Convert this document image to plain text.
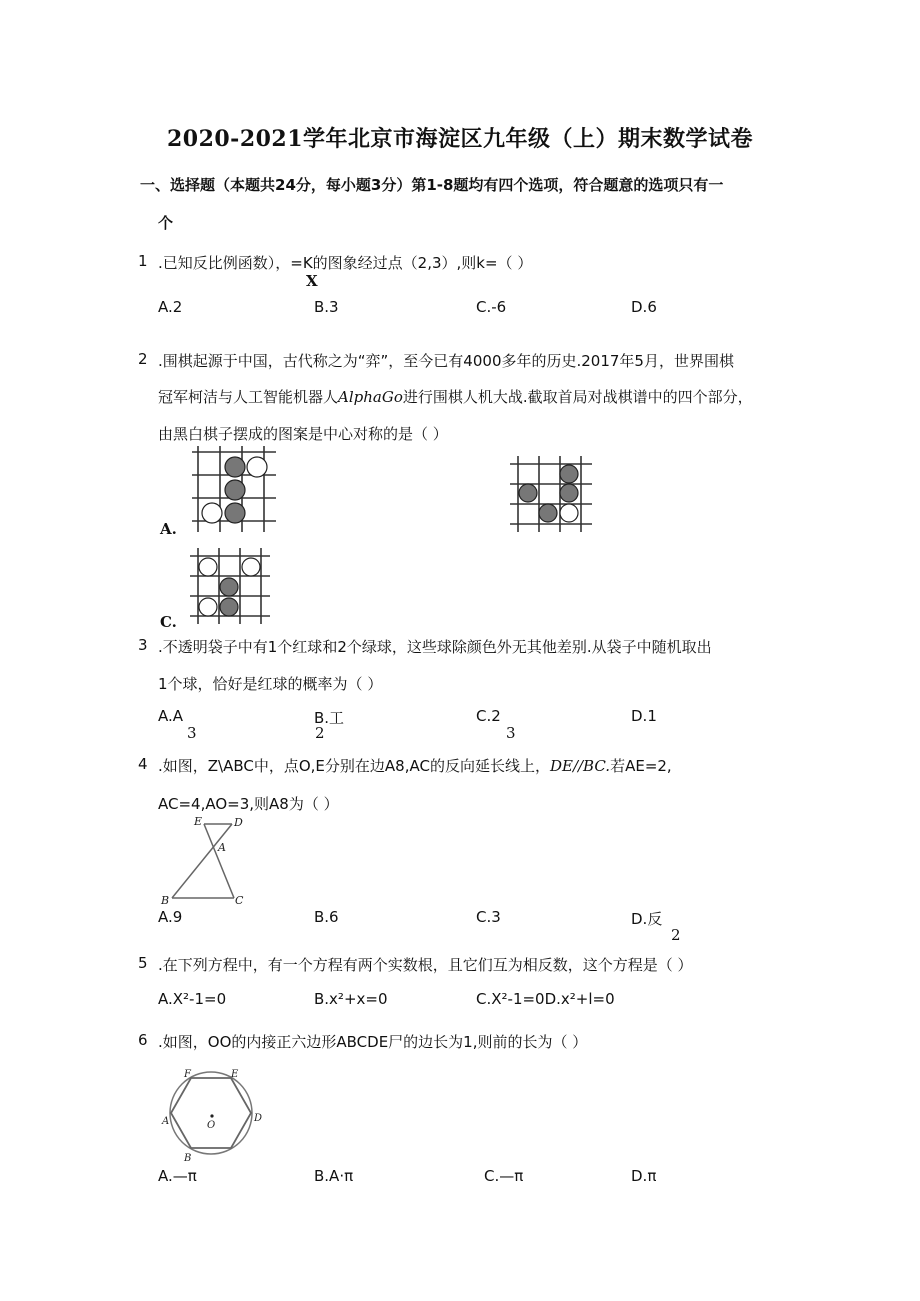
2020-2021学年北京市海淀区九年级（上）期末数学试卷
一、选择题（本题共24分，每小题3分）第1-8题均有四个选项，符合题意的选项只有一
个
1 .已知反比例函数），=K的图象经过点（2,3）,则k=（ ）
X
A.2	B.3	C.-6	D.6
2 .围棋起源于中国，古代称之为“弈”，至今已有4000多年的历史.2017年5月，世界围棋
冠军柯洁与人工智能机器人AlphaGo进行围棋人机大战.截取首局对战棋谱中的四个部分，
由黑白棋子摆成的图案是中心对称的是（ ）
A.
C.
3 .不透明袋子中有1个红球和2个绿球，这些球除颜色外无其他差别.从袋子中随机取出
1个球，恰好是红球的概率为（ ）
A.A	B.工	C.2	D.1
3	2	3
4 .如图，Z\ABC中，点O,E分别在边A8,AC的反向延长线上，DE//BC.若AE=2,
AC=4,AO=3,则A8为（ ）
E	D
A
B	C
A.9	B.6	C.3	D.反
2
5 .在下列方程中，有一个方程有两个实数根，且它们互为相反数，这个方程是（ ）
A.X²-1=0	B.x²+x=0	C.X²-1=0D.x²+l=0
6 .如图，OO的内接正六边形ABCDE尸的边长为1,则前的长为（ ）
F	E
A	D
O
B
A.—π	B.A·π	C.—π	D.π
